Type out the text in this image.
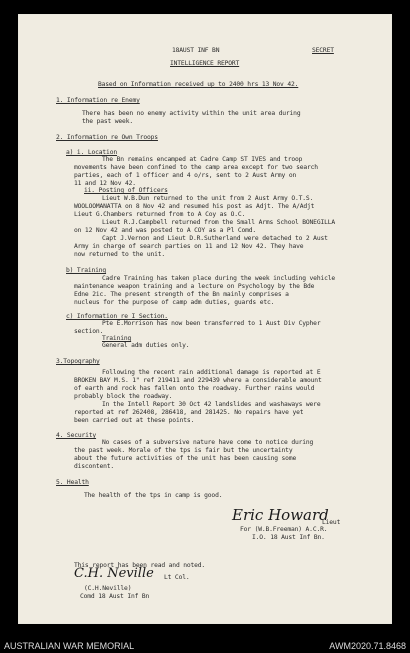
18AUST INF BN	SECRET
INTELLIGENCE REPORT
Based on Information received up to 2400 hrs 13 Nov 42.
1. Information re Enemy
There has been no enemy activity within the unit area during
the past week.
2. Information re Own Troops
a) i. Location
The Bn remains encamped at Cadre Camp ST IVES and troop
movements have been confined to the camp area except for two search
parties, each of 1 officer and 4 o/rs, sent to 2 Aust Army on
11 and 12 Nov 42.
ii. Posting of Officers
Lieut W.B.Dun returned to the unit from 2 Aust Army O.T.S.
WOOLOOMANATTA on 8 Nov 42 and resumed his post as Adjt. The A/Adjt
Lieut G.Chambers returned from to A Coy as O.C.
Lieut R.J.Campbell returned from the Small Arms School BONEGILLA
on 12 Nov 42 and was posted to A COY as a Pl Comd.
Capt J.Vernon and Lieut D.R.Sutherland were detached to 2 Aust
Army in charge of search parties on 11 and 12 Nov 42. They have
now returned to the unit.
b) Training
Cadre Training has taken place during the week including vehicle
maintenance weapon training and a lecture on Psychology by the Bde
Edne 2ic. The present strength of the Bn mainly comprises a
nucleus for the purpose of camp adm duties, guards etc.
c) Information re I Section.
Pte E.Morrison has now been transferred to 1 Aust Div Cypher
section.
Training
General adm duties only.
3.Topography
Following the recent rain additional damage is reported at E
BROKEN BAY M.S. 1" ref 219411 and 229439 where a considerable amount
of earth and rock has fallen onto the roadway. Further rains would
probably block the roadway.
In the Intell Report 30 Oct 42 landslides and washaways were
reported at ref 262408, 286418, and 281425. No repairs have yet
been carried out at these points.
4. Security
No cases of a subversive nature have come to notice during
the past week. Morale of the tps is fair but the uncertainty
about the future activities of the unit has been causing some
discontent.
5. Health
The health of the tps in camp is good.
Eric Howard
Lieut
For (W.B.Freeman) A.C.R.
I.O. 18 Aust Inf Bn.
This report has been read and noted.
C.H. Neville Lt Col.
(C.H.Neville)
Comd 18 Aust Inf Bn
AUSTRALIAN WAR MEMORIAL	AWM2020.71.8468
